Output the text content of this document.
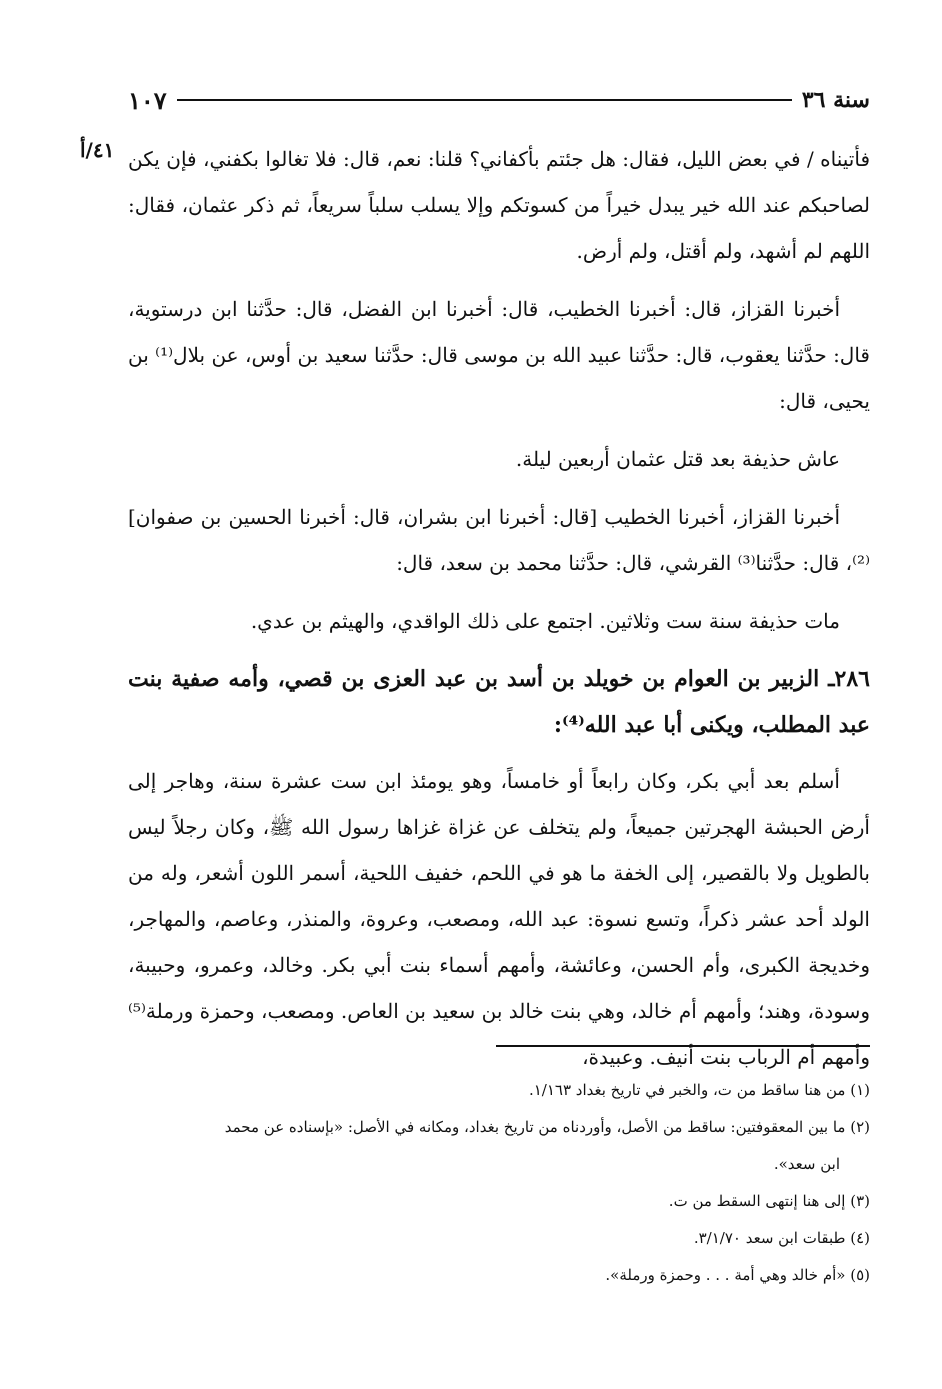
سنة ٣٦
١٠٧
٤١/أ فأتيناه / في بعض الليل، فقال: هل جئتم بأكفاني؟ قلنا: نعم، قال: فلا تغالوا بكفني، فإن يكن لصاحبكم عند الله خير يبدل خيراً من كسوتكم وإلا يسلب سلباً سريعاً، ثم ذكر عثمان، فقال: اللهم لم أشهد، ولم أقتل، ولم أرض.

أخبرنا القزاز، قال: أخبرنا الخطيب، قال: أخبرنا ابن الفضل، قال: حدَّثنا ابن درستوية، قال: حدَّثنا يعقوب، قال: حدَّثنا عبيد الله بن موسى قال: حدَّثنا سعيد بن أوس، عن بلال⁽¹⁾ بن يحيى، قال:

عاش حذيفة بعد قتل عثمان أربعين ليلة.

أخبرنا القزاز، أخبرنا الخطيب [قال: أخبرنا ابن بشران، قال: أخبرنا الحسين بن صفوان]⁽²⁾، قال: حدَّثنا⁽³⁾ القرشي، قال: حدَّثنا محمد بن سعد، قال:

مات حذيفة سنة ست وثلاثين. اجتمع على ذلك الواقدي، والهيثم بن عدي.

٢٨٦ـ الزبير بن العوام بن خويلد بن أسد بن عبد العزى بن قصي، وأمه صفية بنت عبد المطلب، ويكنى أبا عبد الله⁽⁴⁾:

أسلم بعد أبي بكر، وكان رابعاً أو خامساً، وهو يومئذ ابن ست عشرة سنة، وهاجر إلى أرض الحبشة الهجرتين جميعاً، ولم يتخلف عن غزاة غزاها رسول الله ﷺ، وكان رجلاً ليس بالطويل ولا بالقصير، إلى الخفة ما هو في اللحم، خفيف اللحية، أسمر اللون أشعر، وله من الولد أحد عشر ذكراً، وتسع نسوة: عبد الله، ومصعب، وعروة، والمنذر، وعاصم، والمهاجر، وخديجة الكبرى، وأم الحسن، وعائشة، وأمهم أسماء بنت أبي بكر. وخالد، وعمرو، وحبيبة، وسودة، وهند؛ وأمهم أم خالد، وهي بنت خالد بن سعيد بن العاص. ومصعب، وحمزة ورملة⁽⁵⁾ وأمهم أم الرباب بنت أنيف. وعبيدة،

(١) من هنا ساقط من ت، والخبر في تاريخ بغداد ١/١٦٣.
(٢) ما بين المعقوفتين: ساقط من الأصل، وأوردناه من تاريخ بغداد، ومكانه في الأصل: «بإسناده عن محمد
ابن سعد».
(٣) إلى هنا إنتهى السقط من ت.
(٤) طبقات ابن سعد ٣/١/٧٠.
(٥) «أم خالد وهي أمة . . . وحمزة ورملة».
